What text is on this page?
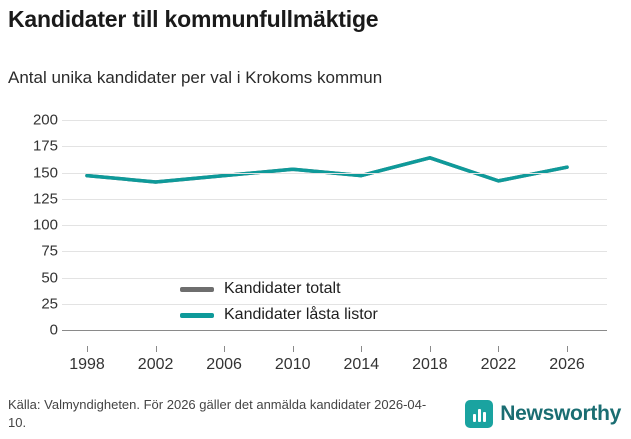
Kandidater till kommunfullmäktige
Antal unika kandidater per val i Krokoms kommun
200
175
150
125
100
75
50
25
0
1998 2002 2006 2010 2014 2018 2022 2026
Kandidater totalt
Kandidater låsta listor
Källa: Valmyndigheten. För 2026 gäller det anmälda kandidater 2026-04-10.	Newsworthy
